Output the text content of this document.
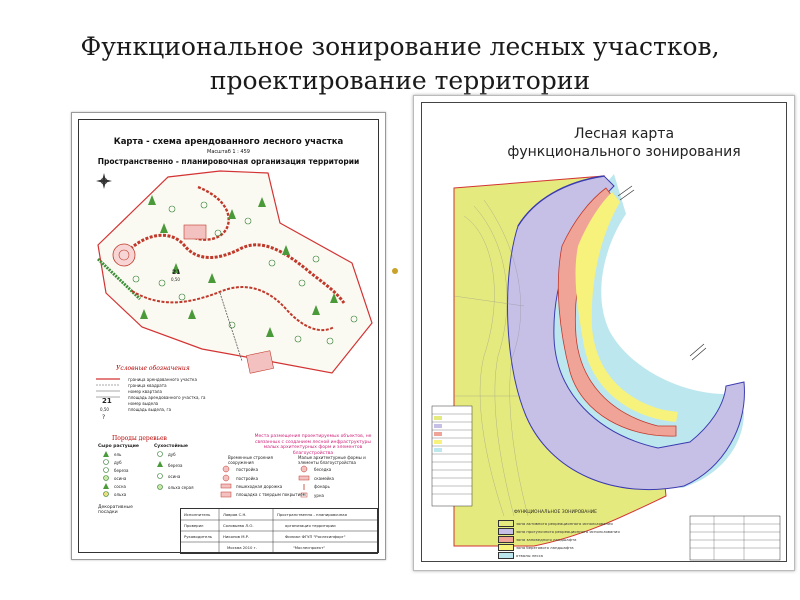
Функциональное зонирование лесных участков,
проектирование территории
Карта - схема арендованного лесного участка
Масштаб 1 : 459
Пространственно - планировочная организация территории
21
0,50
Условные обозначения
граница арендованного участка
граница квадрата
номер квартала
площадь арендованного участка, га
21	номер выдела
0,50	площадь выдела, га
?
Породы деревьев
Сыро растущие	Сухостойные
ель
дуб
береза
осина
сосна
ольха
дуб
береза
осина
ольха серая
Декоративные посадки
Места размещения проектируемых объектов, не связанных с созданием лесной инфраструктуры малых архитектурных форм и элементов благоустройства
Временные строения сооружения
Малые архитектурные формы и элементы благоустройства
постройка
постройка
пешеходная дорожка
площадка с твердым покрытием
беседка
скамейка
фонарь
урна
Исполнитель	Лавров С.Н.	Пространственно - планировочная
Проверил	Соловьева Л.О.	организация территории
Руководитель	Никонов М.Р.	Филиал ФГУП "Рослесинфорг"
Москва 2010 г.	"Мослеспроект"
Лесная карта
функционального зонирования
ФУНКЦИОНАЛЬНОЕ ЗОНИРОВАНИЕ
зона активного рекреационного использования
зона прогулочного рекреационного использования
зона заповедного ландшафта
зона берегового ландшафта
отвалы лесса
